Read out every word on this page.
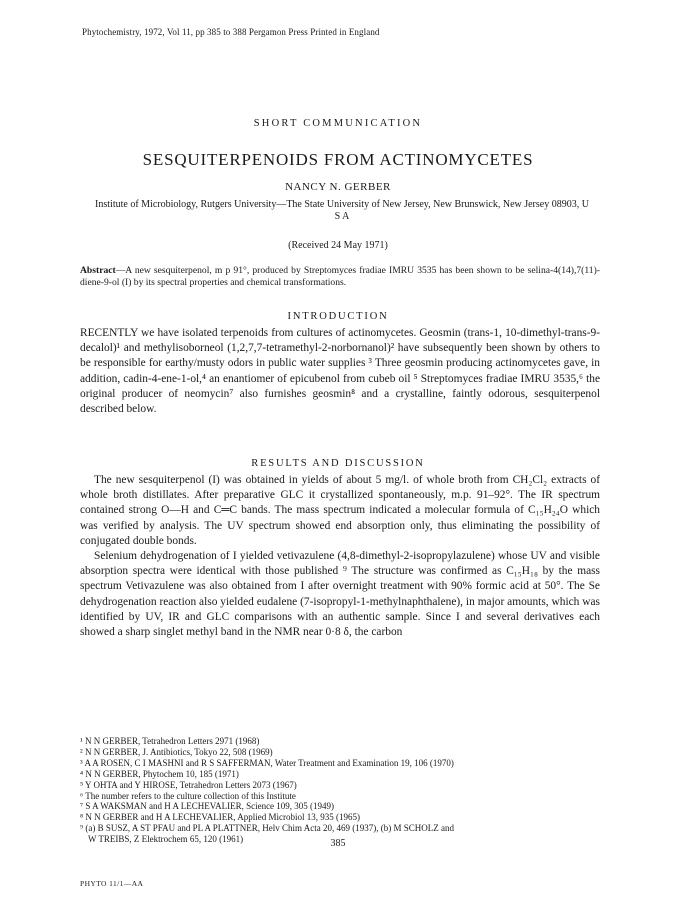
Phytochemistry, 1972, Vol 11, pp 385 to 388 Pergamon Press Printed in England
SHORT COMMUNICATION
SESQUITERPENOIDS FROM ACTINOMYCETES
NANCY N. GERBER
Institute of Microbiology, Rutgers University—The State University of New Jersey, New Brunswick, New Jersey 08903, U S A
(Received 24 May 1971)
Abstract—A new sesquiterpenol, m p 91°, produced by Streptomyces fradiae IMRU 3535 has been shown to be selina-4(14),7(11)-diene-9-ol (I) by its spectral properties and chemical transformations.
INTRODUCTION

RECENTLY we have isolated terpenoids from cultures of actinomycetes. Geosmin (trans-1, 10-dimethyl-trans-9-decalol)¹ and methylisoborneol (1,2,7,7-tetramethyl-2-norbornanol)² have subsequently been shown by others to be responsible for earthy/musty odors in public water supplies ³ Three geosmin producing actinomycetes gave, in addition, cadin-4-ene-1-ol,⁴ an enantiomer of epicubenol from cubeb oil ⁵ Streptomyces fradiae IMRU 3535,⁶ the original producer of neomycin⁷ also furnishes geosmin⁸ and a crystalline, faintly odorous, sesquiterpenol described below.

RESULTS AND DISCUSSION

The new sesquiterpenol (I) was obtained in yields of about 5 mg/l. of whole broth from CH₂Cl₂ extracts of whole broth distillates. After preparative GLC it crystallized spontaneously, m.p. 91–92°. The IR spectrum contained strong O—H and C═C bands. The mass spectrum indicated a molecular formula of C₁₅H₂₄O which was verified by analysis. The UV spectrum showed end absorption only, thus eliminating the possibility of conjugated double bonds.

Selenium dehydrogenation of I yielded vetivazulene (4,8-dimethyl-2-isopropylazulene) whose UV and visible absorption spectra were identical with those published ⁹ The structure was confirmed as C₁₅H₁₈ by the mass spectrum Vetivazulene was also obtained from I after overnight treatment with 90% formic acid at 50°. The Se dehydrogenation reaction also yielded eudalene (7-isopropyl-1-methylnaphthalene), in major amounts, which was identified by UV, IR and GLC comparisons with an authentic sample. Since I and several derivatives each showed a sharp singlet methyl band in the NMR near 0·8 δ, the carbon

¹ N N GERBER, Tetrahedron Letters 2971 (1968)
² N N GERBER, J. Antibiotics, Tokyo 22, 508 (1969)
³ A A ROSEN, C I MASHNI and R S SAFFERMAN, Water Treatment and Examination 19, 106 (1970)
⁴ N N GERBER, Phytochem 10, 185 (1971)
⁵ Y OHTA and Y HIROSE, Tetrahedron Letters 2073 (1967)
⁶ The number refers to the culture collection of this Institute
⁷ S A WAKSMAN and H A LECHEVALIER, Science 109, 305 (1949)
⁸ N N GERBER and H A LECHEVALIER, Applied Microbiol 13, 935 (1965)
⁹ (a) B SUSZ, A ST PFAU and PL A PLATTNER, Helv Chim Acta 20, 469 (1937), (b) M SCHOLZ and
W TREIBS, Z Elektrochem 65, 120 (1961)	385
PHYTO 11/1—AA
